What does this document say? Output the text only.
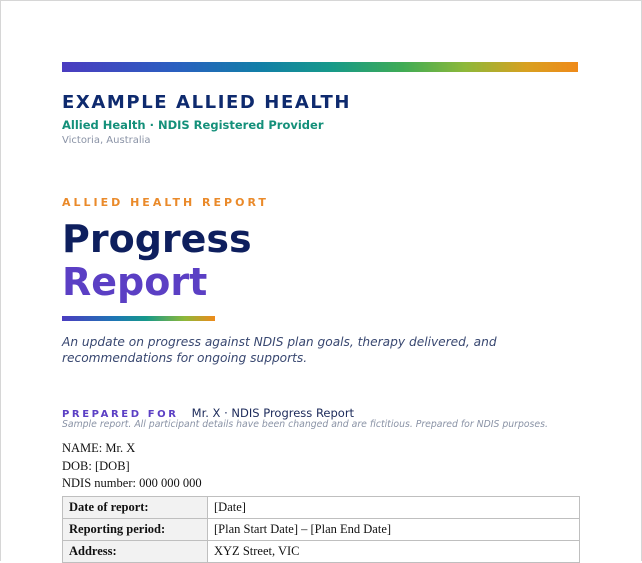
EXAMPLE ALLIED HEALTH
Allied Health · NDIS Registered Provider
Victoria, Australia
ALLIED HEALTH REPORT
Progress
Report
An update on progress against NDIS plan goals, therapy delivered, and recommendations for ongoing supports.
PREPARED FOR Mr. X · NDIS Progress Report
Sample report. All participant details have been changed and are fictitious. Prepared for NDIS purposes.
NAME: Mr. X
DOB: [DOB]
NDIS number: 000 000 000
Date of report:	[Date]
Reporting period:	[Plan Start Date] – [Plan End Date]
Address:	XYZ Street, VIC
